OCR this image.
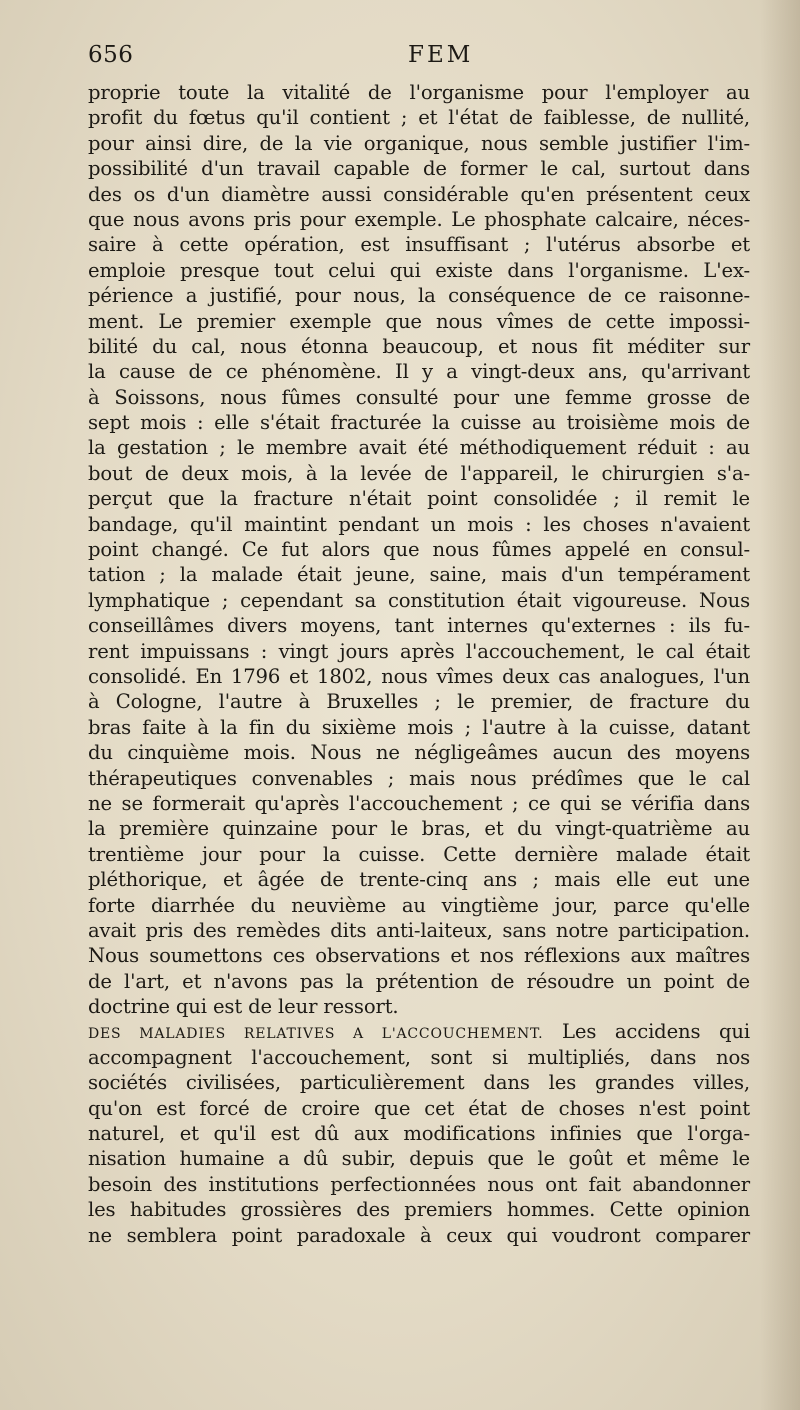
656	FEM
proprie toute la vitalité de l'organisme pour l'employer au
profit du fœtus qu'il contient ; et l'état de faiblesse, de nullité,
pour ainsi dire, de la vie organique, nous semble justifier l'im-
possibilité d'un travail capable de former le cal, surtout dans
des os d'un diamètre aussi considérable qu'en présentent ceux
que nous avons pris pour exemple. Le phosphate calcaire, néces-
saire à cette opération, est insuffisant ; l'utérus absorbe et
emploie presque tout celui qui existe dans l'organisme. L'ex-
périence a justifié, pour nous, la conséquence de ce raisonne-
ment. Le premier exemple que nous vîmes de cette impossi-
bilité du cal, nous étonna beaucoup, et nous fit méditer sur
la cause de ce phénomène. Il y a vingt-deux ans, qu'arrivant
à Soissons, nous fûmes consulté pour une femme grosse de
sept mois : elle s'était fracturée la cuisse au troisième mois de
la gestation ; le membre avait été méthodiquement réduit : au
bout de deux mois, à la levée de l'appareil, le chirurgien s'a-
perçut que la fracture n'était point consolidée ; il remit le
bandage, qu'il maintint pendant un mois : les choses n'avaient
point changé. Ce fut alors que nous fûmes appelé en consul-
tation ; la malade était jeune, saine, mais d'un tempérament
lymphatique ; cependant sa constitution était vigoureuse. Nous
conseillâmes divers moyens, tant internes qu'externes : ils fu-
rent impuissans : vingt jours après l'accouchement, le cal était
consolidé. En 1796 et 1802, nous vîmes deux cas analogues, l'un
à Cologne, l'autre à Bruxelles ; le premier, de fracture du
bras faite à la fin du sixième mois ; l'autre à la cuisse, datant
du cinquième mois. Nous ne négligeâmes aucun des moyens
thérapeutiques convenables ; mais nous prédîmes que le cal
ne se formerait qu'après l'accouchement ; ce qui se vérifia dans
la première quinzaine pour le bras, et du vingt-quatrième au
trentième jour pour la cuisse. Cette dernière malade était
pléthorique, et âgée de trente-cinq ans ; mais elle eut une
forte diarrhée du neuvième au vingtième jour, parce qu'elle
avait pris des remèdes dits anti-laiteux, sans notre participation.
Nous soumettons ces observations et nos réflexions aux maîtres
de l'art, et n'avons pas la prétention de résoudre un point de
doctrine qui est de leur ressort.
DES MALADIES RELATIVES A L'ACCOUCHEMENT. Les accidens qui
accompagnent l'accouchement, sont si multipliés, dans nos
sociétés civilisées, particulièrement dans les grandes villes,
qu'on est forcé de croire que cet état de choses n'est point
naturel, et qu'il est dû aux modifications infinies que l'orga-
nisation humaine a dû subir, depuis que le goût et même le
besoin des institutions perfectionnées nous ont fait abandonner
les habitudes grossières des premiers hommes. Cette opinion
ne semblera point paradoxale à ceux qui voudront comparer
